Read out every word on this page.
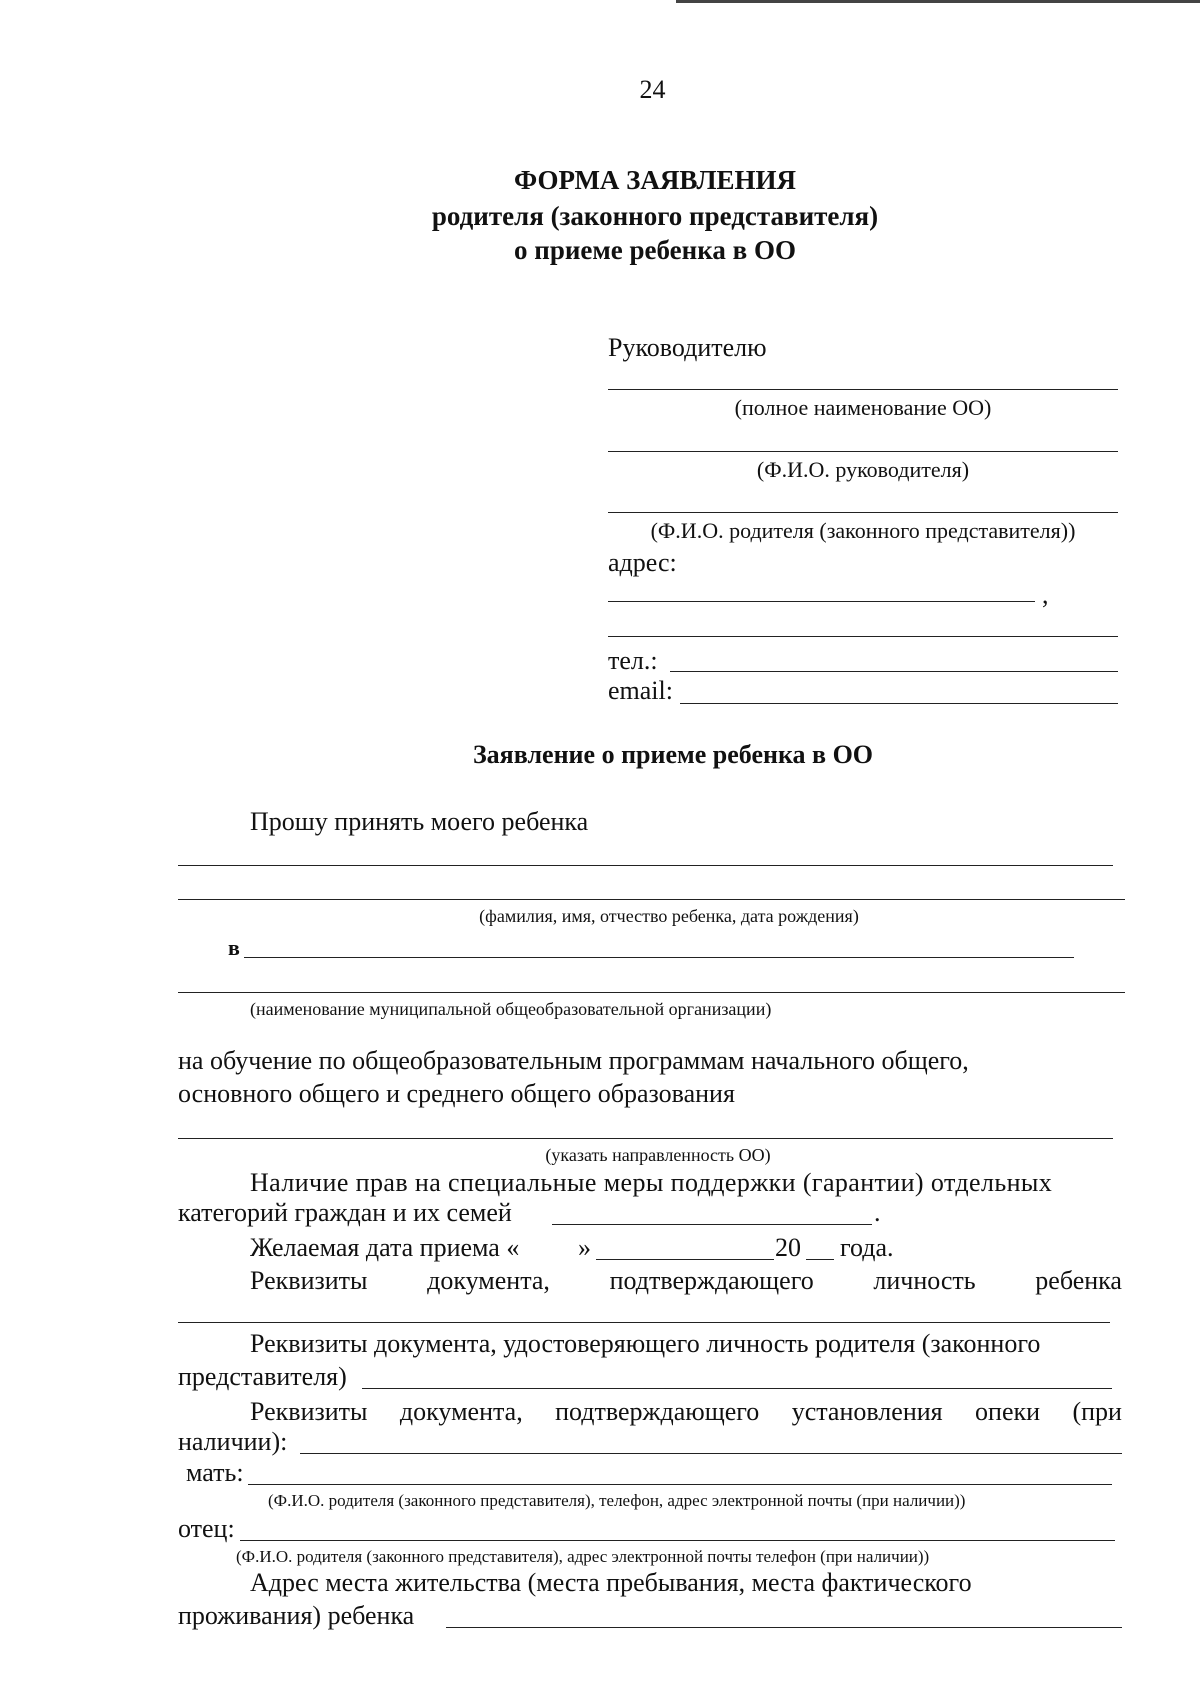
24
ФОРМА ЗАЯВЛЕНИЯ
родителя (законного представителя)
о приеме ребенка в ОО
Руководителю
(полное наименование ОО)
(Ф.И.О. руководителя)
(Ф.И.О. родителя (законного представителя))
адрес:
,
тел.:
email:
Заявление о приеме ребенка в ОО
Прошу принять моего ребенка
(фамилия, имя, отчество ребенка, дата рождения)
в
(наименование муниципальной общеобразовательной организации)
на обучение по общеобразовательным программам начального общего,
основного общего и среднего общего образования
(указать направленность ОО)
Наличие прав на специальные меры поддержки (гарантии) отдельных
категорий граждан и их семей	.
Желаемая дата приема « »	20 года.
Реквизиты документа, подтверждающего личность ребенка
Реквизиты документа, удостоверяющего личность родителя (законного
представителя)
Реквизиты документа, подтверждающего установления опеки (при
наличии):
мать:
(Ф.И.О. родителя (законного представителя), телефон, адрес электронной почты (при наличии))
отец:
(Ф.И.О. родителя (законного представителя), адрес электронной почты телефон (при наличии))
Адрес места жительства (места пребывания, места фактического
проживания) ребенка
